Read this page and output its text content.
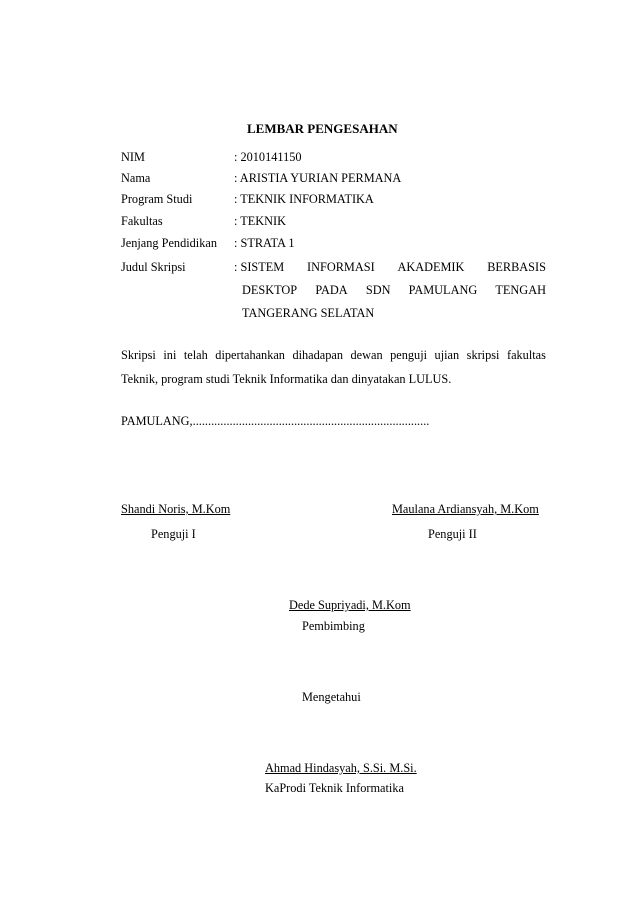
LEMBAR PENGESAHAN
NIM	: 2010141150
Nama	: ARISTIA YURIAN PERMANA
Program Studi	: TEKNIK INFORMATIKA
Fakultas	: TEKNIK
Jenjang Pendidikan : STRATA 1
Judul Skripsi	: SISTEM INFORMASI AKADEMIK BERBASIS
DESKTOP PADA SDN PAMULANG TENGAH
TANGERANG SELATAN
Skripsi ini telah dipertahankan dihadapan dewan penguji ujian skripsi fakultas
Teknik, program studi Teknik Informatika dan dinyatakan LULUS.
PAMULANG,.............................................................................
Shandi Noris, M.Kom
Penguji I
Maulana Ardiansyah, M.Kom
Penguji II
Dede Supriyadi, M.Kom
Pembimbing
Mengetahui
Ahmad Hindasyah, S.Si. M.Si.
KaProdi Teknik Informatika
